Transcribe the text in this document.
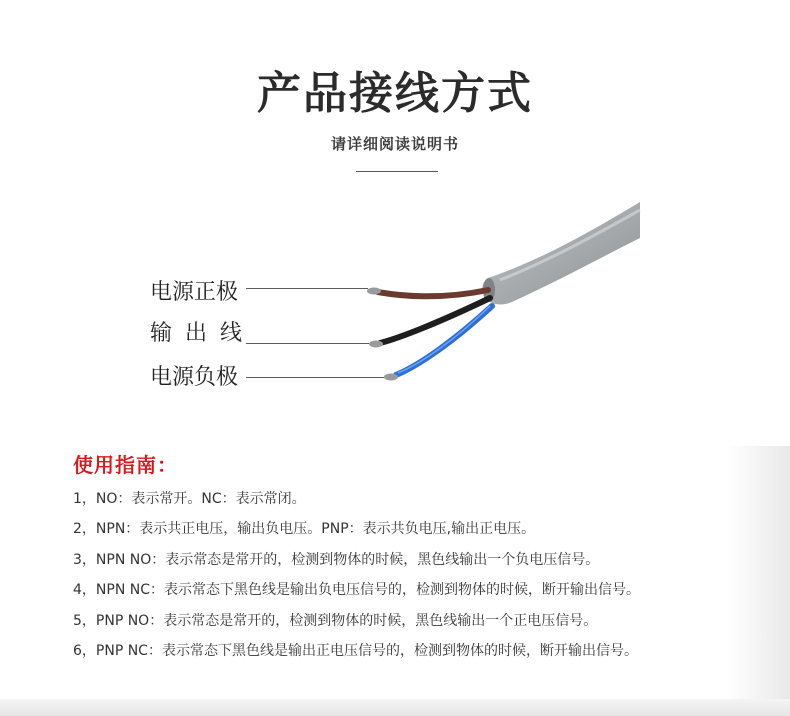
产品接线方式
请详细阅读说明书
电源正极
输出线
电源负极
使用指南：
1，NO：表示常开。NC：表示常闭。
2，NPN：表示共正电压，输出负电压。PNP：表示共负电压,输出正电压。
3，NPN NO：表示常态是常开的，检测到物体的时候，黑色线输出一个负电压信号。
4，NPN NC：表示常态下黑色线是输出负电压信号的，检测到物体的时候，断开输出信号。
5，PNP NO：表示常态是常开的，检测到物体的时候，黑色线输出一个正电压信号。
6，PNP NC：表示常态下黑色线是输出正电压信号的，检测到物体的时候，断开输出信号。
